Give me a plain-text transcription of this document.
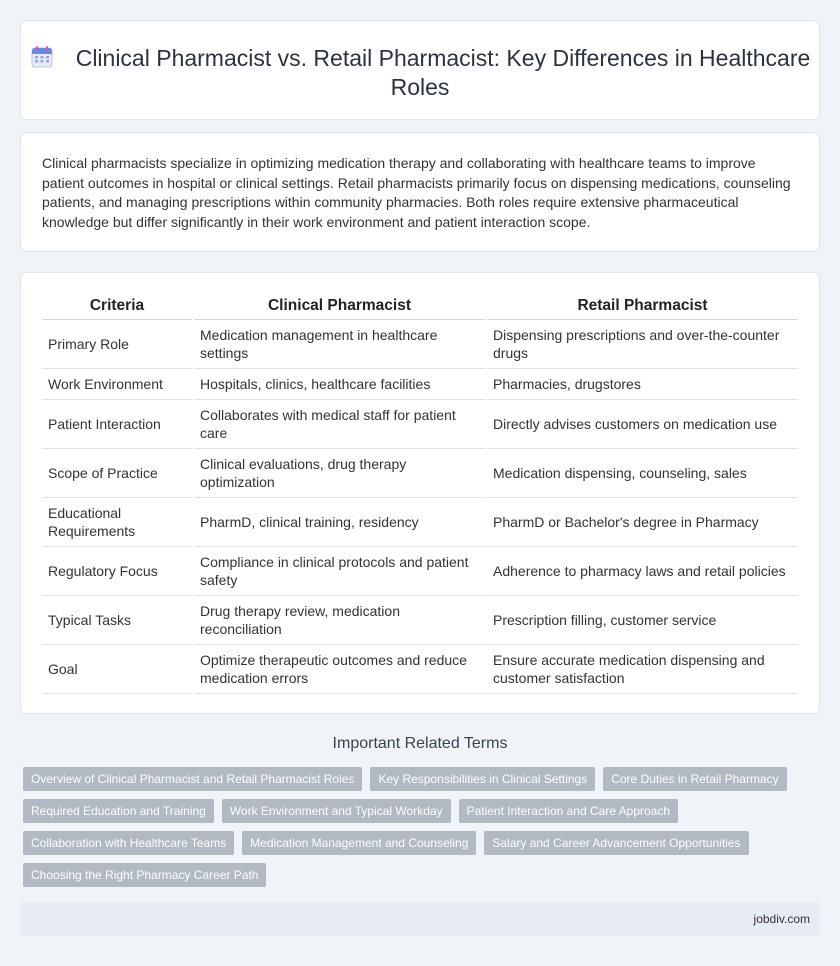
Clinical Pharmacist vs. Retail Pharmacist: Key Differences in Healthcare Roles

Clinical pharmacists specialize in optimizing medication therapy and collaborating with healthcare teams to improve patient outcomes in hospital or clinical settings. Retail pharmacists primarily focus on dispensing medications, counseling patients, and managing prescriptions within community pharmacies. Both roles require extensive pharmaceutical knowledge but differ significantly in their work environment and patient interaction scope.

Criteria	Clinical Pharmacist	Retail Pharmacist
Primary Role	Medication management in healthcare settings	Dispensing prescriptions and over-the-counter drugs
Work Environment	Hospitals, clinics, healthcare facilities	Pharmacies, drugstores
Patient Interaction	Collaborates with medical staff for patient care	Directly advises customers on medication use
Scope of Practice	Clinical evaluations, drug therapy optimization	Medication dispensing, counseling, sales
Educational Requirements	PharmD, clinical training, residency	PharmD or Bachelor's degree in Pharmacy
Regulatory Focus	Compliance in clinical protocols and patient safety	Adherence to pharmacy laws and retail policies
Typical Tasks	Drug therapy review, medication reconciliation	Prescription filling, customer service
Goal	Optimize therapeutic outcomes and reduce medication errors	Ensure accurate medication dispensing and customer satisfaction
Important Related Terms
Overview of Clinical Pharmacist and Retail Pharmacist Roles	Key Responsibilities in Clinical Settings	Core Duties in Retail Pharmacy
Required Education and Training	Work Environment and Typical Workday	Patient Interaction and Care Approach
Collaboration with Healthcare Teams	Medication Management and Counseling	Salary and Career Advancement Opportunities
Choosing the Right Pharmacy Career Path
jobdiv.com
